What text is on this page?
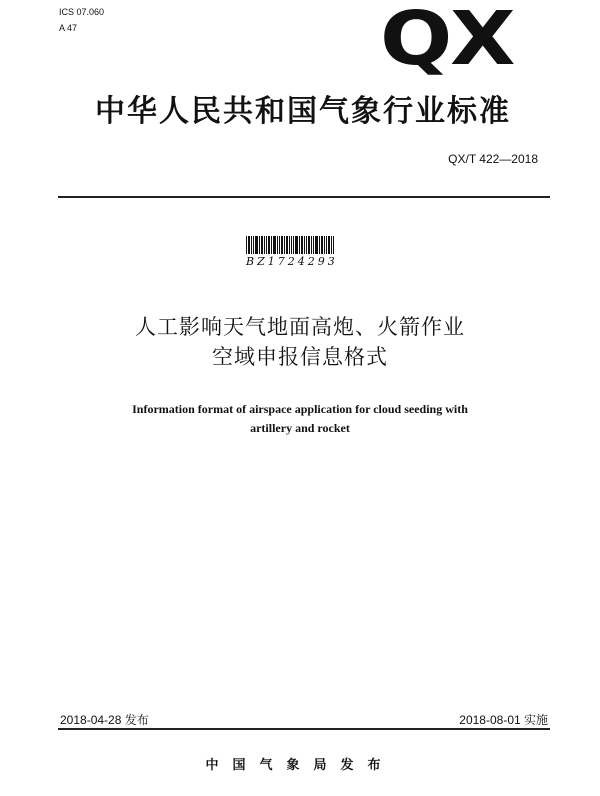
ICS 07.060
A 47	QX
中华人民共和国气象行业标准
QX/T 422—2018
BZ1724293
人工影响天气地面高炮、火箭作业
空域申报信息格式
Information format of airspace application for cloud seeding with
artillery and rocket
2018-04-28 发布	2018-08-01 实施
中国气象局发布
